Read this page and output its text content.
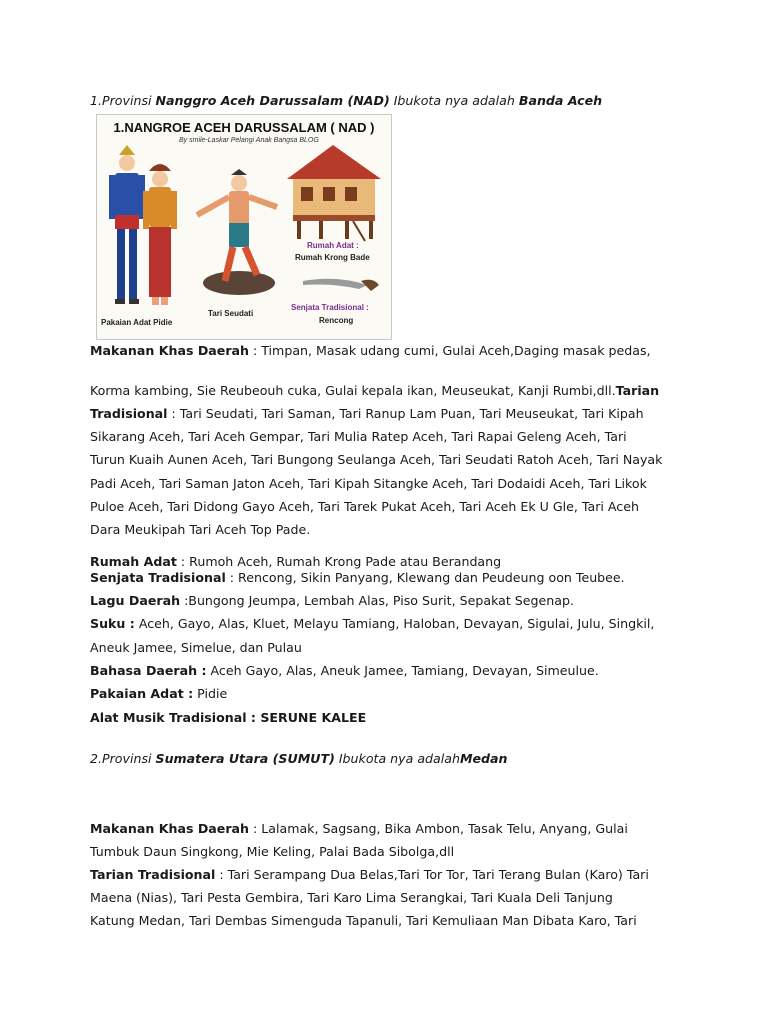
1.Provinsi Nanggro Aceh Darussalam (NAD) Ibukota nya adalah Banda Aceh
Makanan Khas Daerah : Timpan, Masak udang cumi, Gulai Aceh,Daging masak pedas,
Korma kambing, Sie Reubeouh cuka, Gulai kepala ikan, Meuseukat, Kanji Rumbi,dll.Tarian
Tradisional : Tari Seudati, Tari Saman, Tari Ranup Lam Puan, Tari Meuseukat, Tari Kipah
Sikarang Aceh, Tari Aceh Gempar, Tari Mulia Ratep Aceh, Tari Rapai Geleng Aceh, Tari
Turun Kuaih Aunen Aceh, Tari Bungong Seulanga Aceh, Tari Seudati Ratoh Aceh, Tari Nayak
Padi Aceh, Tari Saman Jaton Aceh, Tari Kipah Sitangke Aceh, Tari Dodaidi Aceh, Tari Likok
Puloe Aceh, Tari Didong Gayo Aceh, Tari Tarek Pukat Aceh, Tari Aceh Ek U Gle, Tari Aceh
Dara Meukipah Tari Aceh Top Pade.
Rumah Adat : Rumoh Aceh, Rumah Krong Pade atau Berandang
Senjata Tradisional : Rencong, Sikin Panyang, Klewang dan Peudeung oon Teubee.
Lagu Daerah :Bungong Jeumpa, Lembah Alas, Piso Surit, Sepakat Segenap.
Suku : Aceh, Gayo, Alas, Kluet, Melayu Tamiang, Haloban, Devayan, Sigulai, Julu, Singkil,
Aneuk Jamee, Simelue, dan Pulau
Bahasa Daerah : Aceh Gayo, Alas, Aneuk Jamee, Tamiang, Devayan, Simeulue.
Pakaian Adat : Pidie
Alat Musik Tradisional : SERUNE KALEE
2.Provinsi Sumatera Utara (SUMUT) Ibukota nya adalahMedan
Makanan Khas Daerah : Lalamak, Sagsang, Bika Ambon, Tasak Telu, Anyang, Gulai
Tumbuk Daun Singkong, Mie Keling, Palai Bada Sibolga,dll
Tarian Tradisional : Tari Serampang Dua Belas,Tari Tor Tor, Tari Terang Bulan (Karo) Tari
Maena (Nias), Tari Pesta Gembira, Tari Karo Lima Serangkai, Tari Kuala Deli Tanjung
Katung Medan, Tari Dembas Simenguda Tapanuli, Tari Kemuliaan Man Dibata Karo, Tari
1.NANGROE ACEH DARUSSALAM ( NAD )
By smile-Laskar Pelangi Anak Bangsa BLOG
Pakaian Adat Pidie
Tari Seudati
Rumah Adat :
Rumah Krong Bade
Senjata Tradisional :
Rencong
